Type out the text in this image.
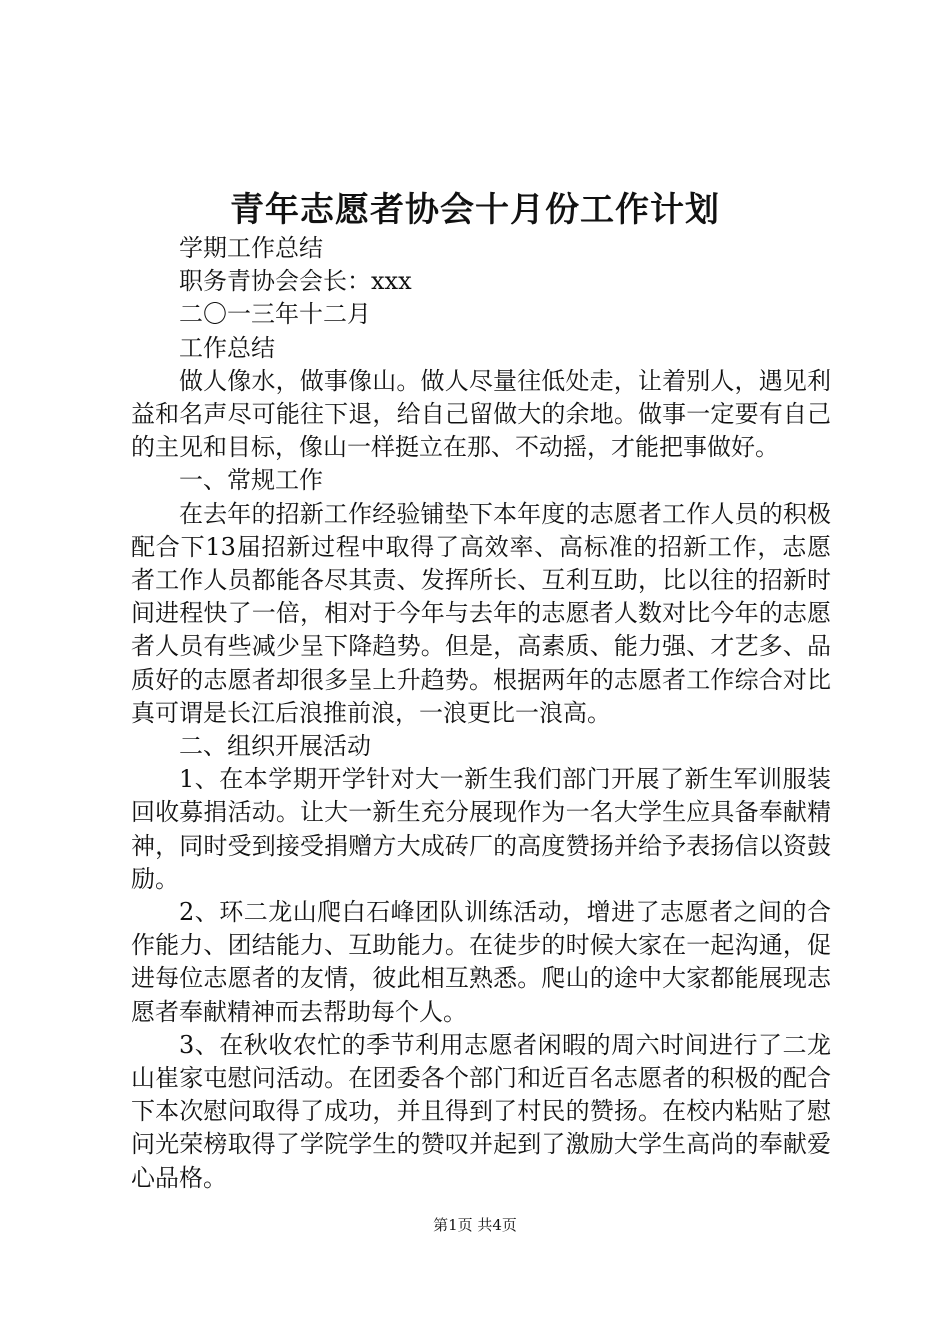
青年志愿者协会十月份工作计划
学期工作总结
职务青协会会长：xxx
二〇一三年十二月
工作总结

做人像水，做事像山。做人尽量往低处走，让着别人，遇见利益和名声尽可能往下退，给自己留做大的余地。做事一定要有自己的主见和目标，像山一样挺立在那、不动摇，才能把事做好。

一、常规工作

在去年的招新工作经验铺垫下本年度的志愿者工作人员的积极配合下13届招新过程中取得了高效率、高标准的招新工作，志愿者工作人员都能各尽其责、发挥所长、互利互助，比以往的招新时间进程快了一倍，相对于今年与去年的志愿者人数对比今年的志愿者人员有些减少呈下降趋势。但是，高素质、能力强、才艺多、品质好的志愿者却很多呈上升趋势。根据两年的志愿者工作综合对比真可谓是长江后浪推前浪，一浪更比一浪高。

二、组织开展活动

1、在本学期开学针对大一新生我们部门开展了新生军训服装回收募捐活动。让大一新生充分展现作为一名大学生应具备奉献精神，同时受到接受捐赠方大成砖厂的高度赞扬并给予表扬信以资鼓励。

2、环二龙山爬白石峰团队训练活动，增进了志愿者之间的合作能力、团结能力、互助能力。在徒步的时候大家在一起沟通，促进每位志愿者的友情，彼此相互熟悉。爬山的途中大家都能展现志愿者奉献精神而去帮助每个人。

3、在秋收农忙的季节利用志愿者闲暇的周六时间进行了二龙山崔家屯慰问活动。在团委各个部门和近百名志愿者的积极的配合下本次慰问取得了成功，并且得到了村民的赞扬。在校内粘贴了慰问光荣榜取得了学院学生的赞叹并起到了激励大学生高尚的奉献爱心品格。

第1页 共4页
